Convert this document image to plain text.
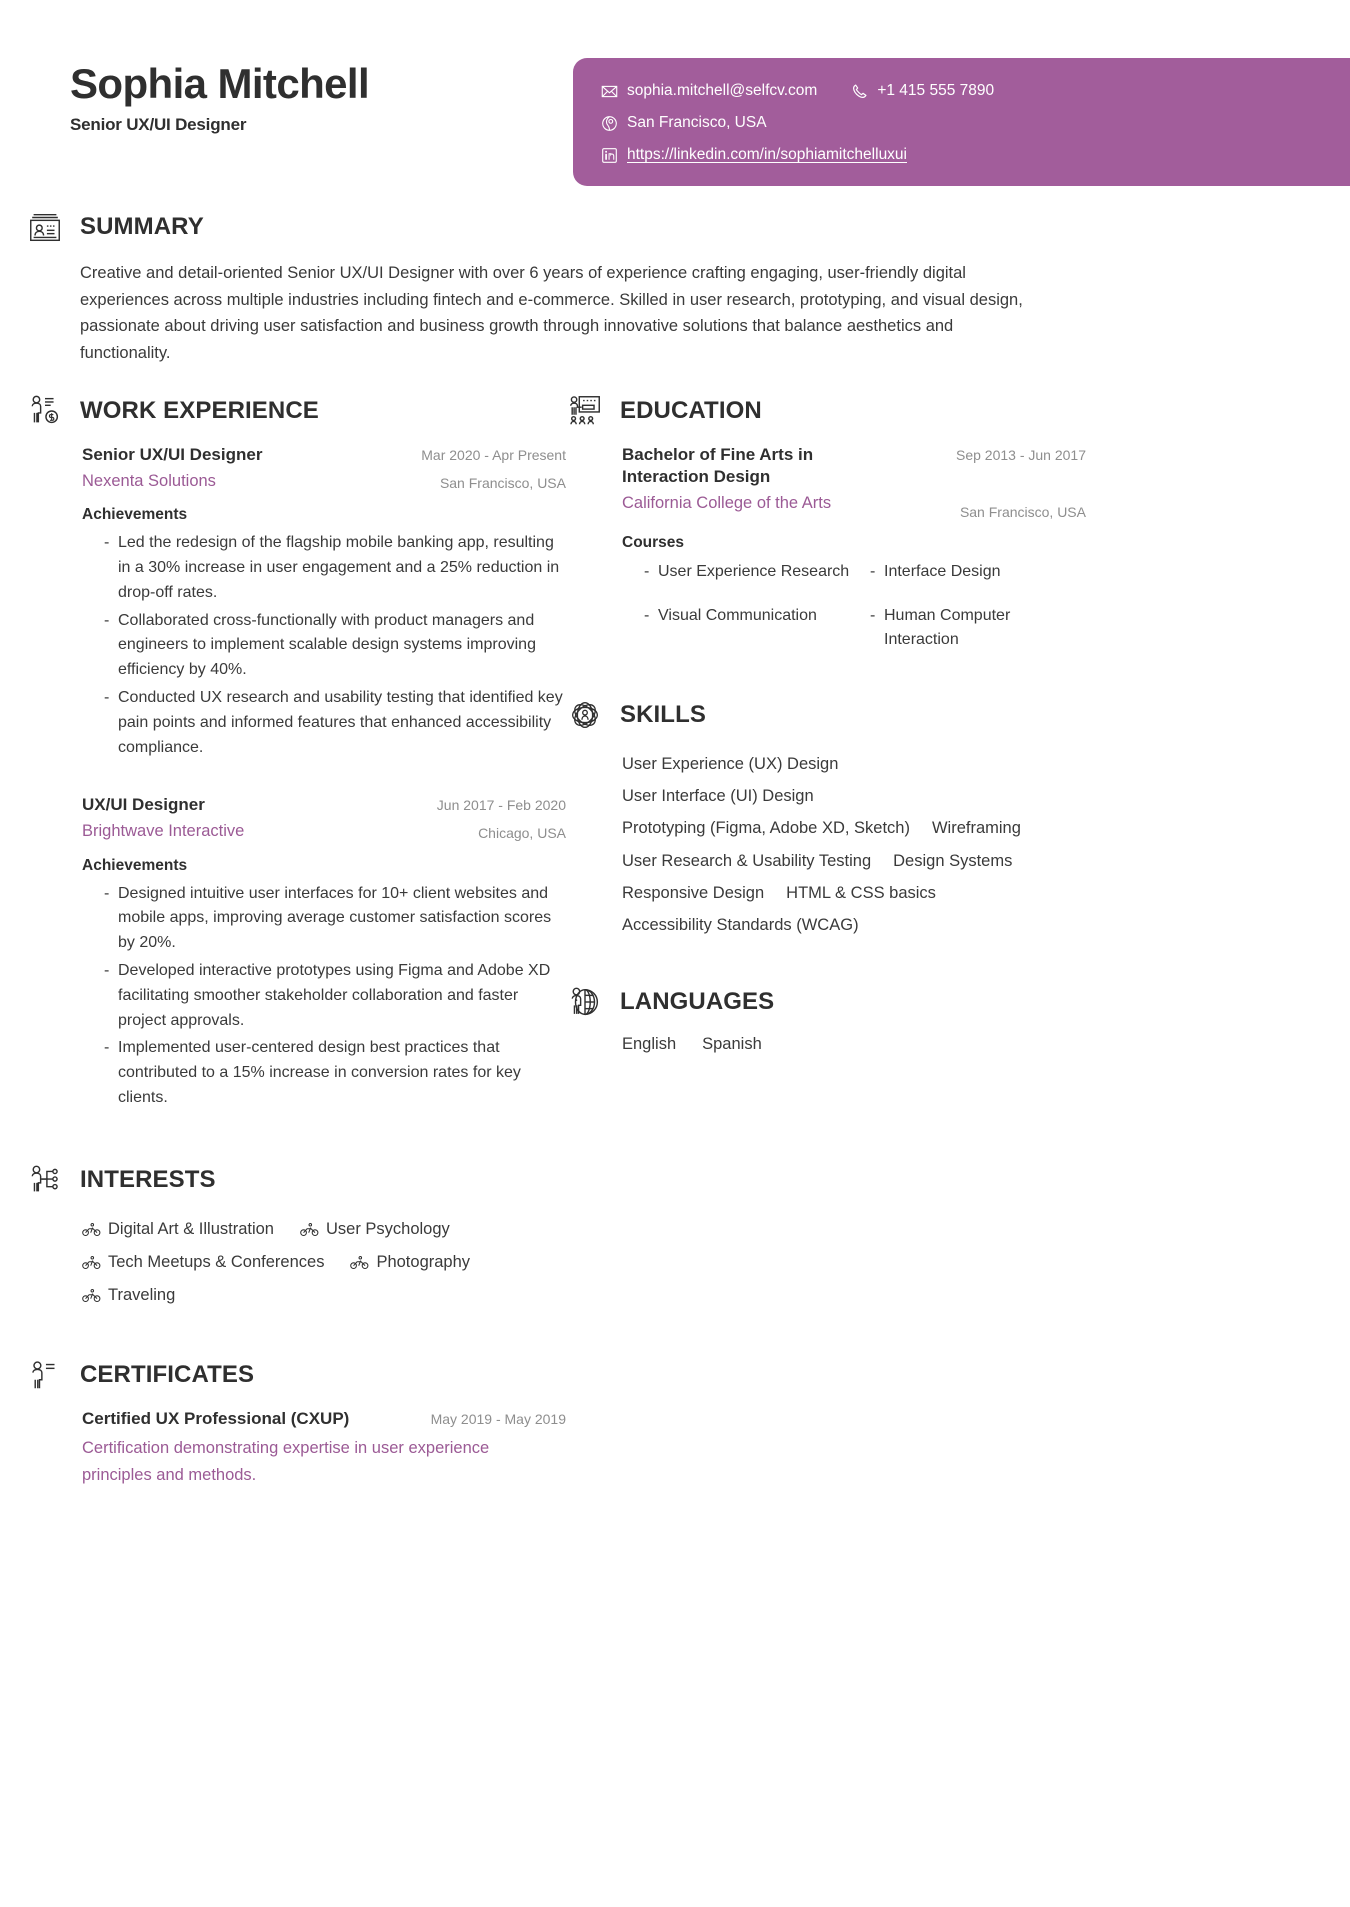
Sophia Mitchell
Senior UX/UI Designer
sophia.mitchell@selfcv.com	+1 415 555 7890
San Francisco, USA
https://linkedin.com/in/sophiamitchelluxui
SUMMARY
Creative and detail-oriented Senior UX/UI Designer with over 6 years of experience crafting engaging, user-friendly digital experiences across multiple industries including fintech and e-commerce. Skilled in user research, prototyping, and visual design, passionate about driving user satisfaction and business growth through innovative solutions that balance aesthetics and functionality.
WORK EXPERIENCE
Senior UX/UI Designer
Nexenta Solutions
Mar 2020 - Apr Present
San Francisco, USA
Achievements
- Led the redesign of the flagship mobile banking app, resulting in a 30% increase in user engagement and a 25% reduction in drop-off rates.
- Collaborated cross-functionally with product managers and engineers to implement scalable design systems improving efficiency by 40%.
- Conducted UX research and usability testing that identified key pain points and informed features that enhanced accessibility compliance.
UX/UI Designer
Brightwave Interactive
Jun 2017 - Feb 2020
Chicago, USA
Achievements
- Designed intuitive user interfaces for 10+ client websites and mobile apps, improving average customer satisfaction scores by 20%.
- Developed interactive prototypes using Figma and Adobe XD facilitating smoother stakeholder collaboration and faster project approvals.
- Implemented user-centered design best practices that contributed to a 15% increase in conversion rates for key clients.
INTERESTS
Digital Art & Illustration	User Psychology
Tech Meetups & Conferences	Photography
Traveling
CERTIFICATES
Certified UX Professional (CXUP)	May 2019 - May 2019
Certification demonstrating expertise in user experience principles and methods.
EDUCATION
Bachelor of Fine Arts in Interaction Design
California College of the Arts
Sep 2013 - Jun 2017
San Francisco, USA
Courses
- User Experience Research - Interface Design
- Visual Communication	- Human Computer Interaction
SKILLS
User Experience (UX) Design
User Interface (UI) Design
Prototyping (Figma, Adobe XD, Sketch) Wireframing
User Research & Usability Testing Design Systems
Responsive Design HTML & CSS basics
Accessibility Standards (WCAG)
LANGUAGES
English Spanish
